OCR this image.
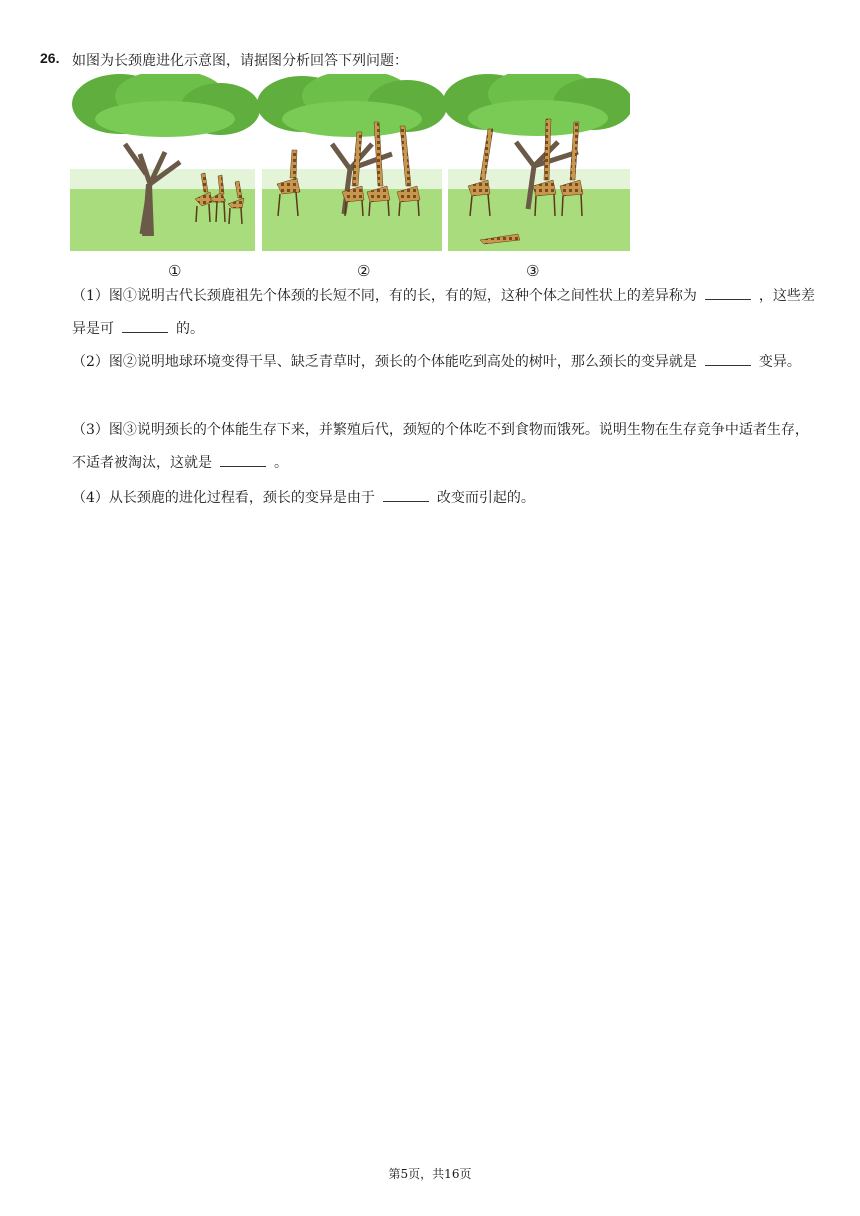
26. 如图为长颈鹿进化示意图，请据图分析回答下列问题：
①	②	③
（1）图①说明古代长颈鹿祖先个体颈的长短不同，有的长，有的短，这种个体之间性状上的差异称为	，这些差异是可	的。
（2）图②说明地球环境变得干旱、缺乏青草时，颈长的个体能吃到高处的树叶，那么颈长的变异就是	变异。
（3）图③说明颈长的个体能生存下来，并繁殖后代，颈短的个体吃不到食物而饿死。说明生物在生存竞争中适者生存，不适者被淘汰，这就是	。
（4）从长颈鹿的进化过程看，颈长的变异是由于	改变而引起的。
第5页，共16页
